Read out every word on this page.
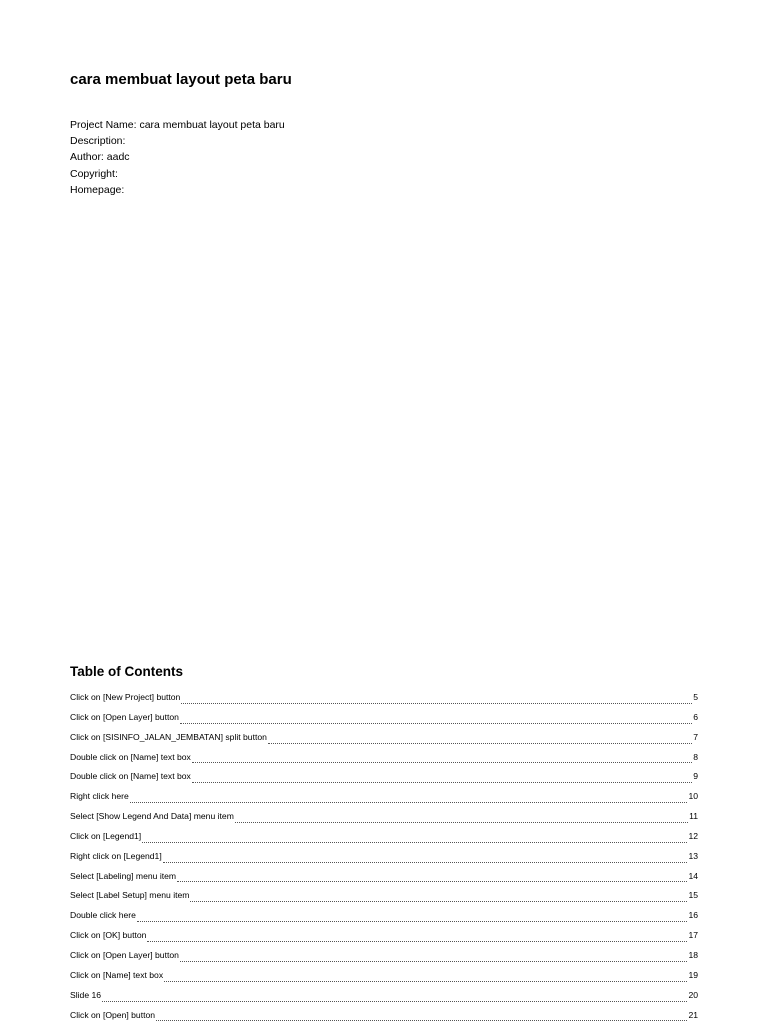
cara membuat layout peta baru
Project Name: cara membuat layout peta baru
Description:
Author: aadc
Copyright:
Homepage:
Table of Contents
Click on [New Project] button	5
Click on [Open Layer] button	6
Click on [SISINFO_JALAN_JEMBATAN] split button	7
Double click on [Name] text box	8
Double click on [Name] text box	9
Right click here	10
Select [Show Legend And Data] menu item	11
Click on [Legend1]	12
Right click on [Legend1]	13
Select [Labeling] menu item	14
Select [Label Setup] menu item	15
Double click here	16
Click on [OK] button	17
Click on [Open Layer] button	18
Click on [Name] text box	19
Slide 16	20
Click on [Open] button	21
